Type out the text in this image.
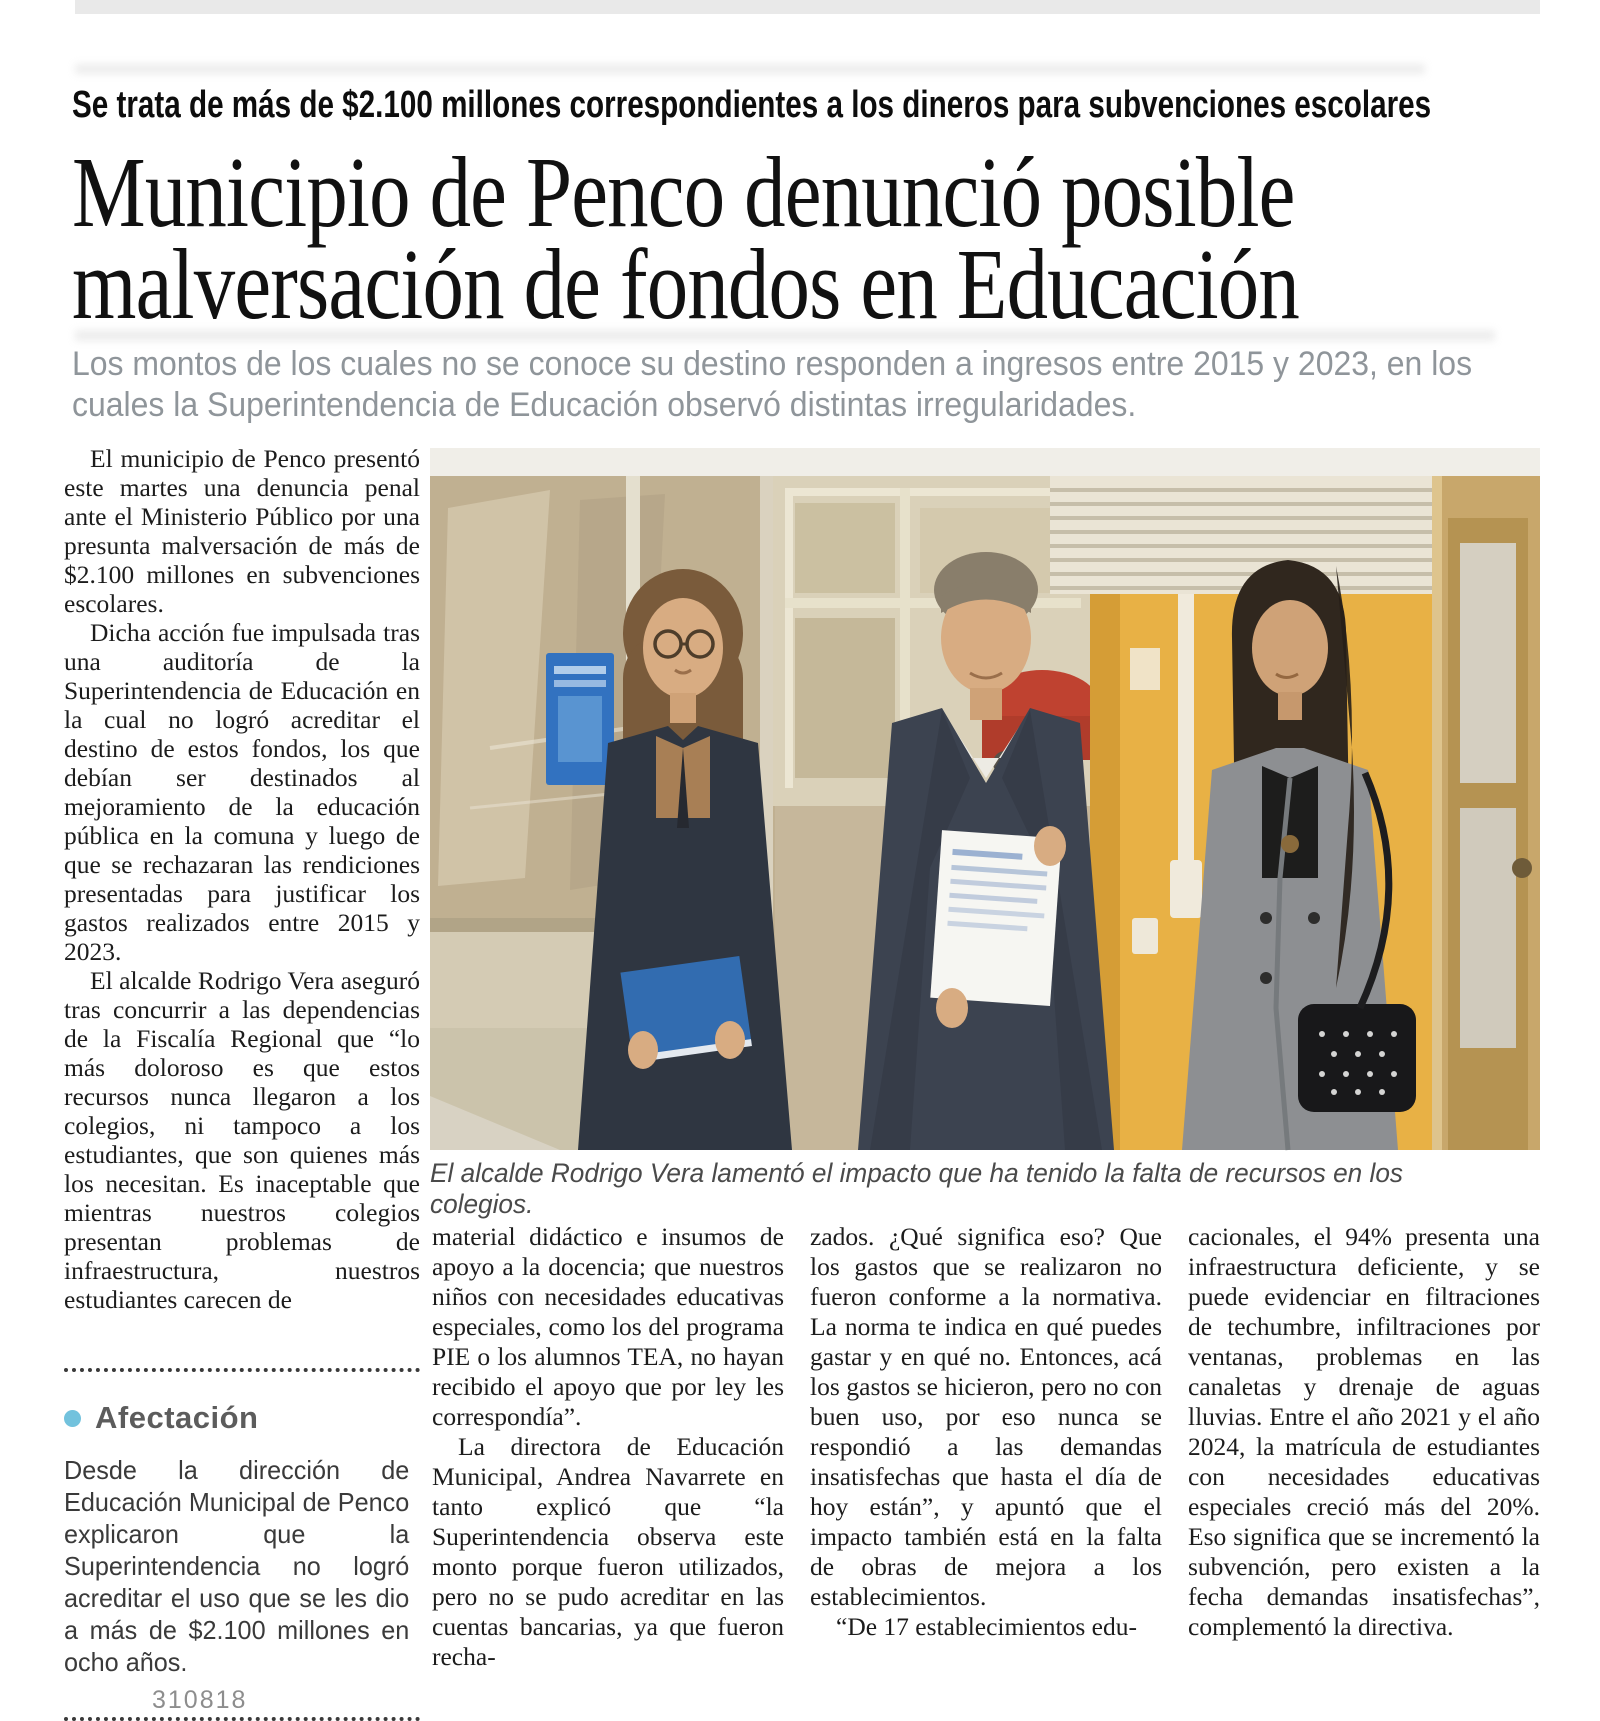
Se trata de más de $2.100 millones correspondientes a los dineros para subvenciones escolares
Municipio de Penco denunció posible
malversación de fondos en Educación
Los montos de los cuales no se conoce su destino responden a ingresos entre 2015 y 2023, en los cuales la Superintendencia de Educación observó distintas irregularidades.

El municipio de Penco presentó este martes una denuncia penal ante el Ministerio Público por una presunta malversación de más de $2.100 millones en subvenciones escolares.

Dicha acción fue impulsada tras una auditoría de la Superintendencia de Educación en la cual no logró acreditar el destino de estos fondos, los que debían ser destinados al mejoramiento de la educación pública en la comuna y luego de que se rechazaran las rendiciones presentadas para justificar los gastos realizados entre 2015 y 2023.

El alcalde Rodrigo Vera aseguró tras concurrir a las dependencias de la Fiscalía Regional que “lo más doloroso es que estos recursos nunca llegaron a los colegios, ni tampoco a los estudiantes, que son quienes más los necesitan. Es inaceptable que mientras nuestros colegios presentan problemas de infraestructura, nuestros estudiantes carecen de

El alcalde Rodrigo Vera lamentó el impacto que ha tenido la falta de recursos en los colegios.

material didáctico e insumos de apoyo a la docencia; que nuestros niños con necesidades educativas especiales, como los del programa PIE o los alumnos TEA, no hayan recibido el apoyo que por ley les correspondía”.

La directora de Educación Municipal, Andrea Navarrete en tanto explicó que “la Superintendencia observa este monto porque fueron utilizados, pero no se pudo acreditar en las cuentas bancarias, ya que fueron recha-

zados. ¿Qué significa eso? Que los gastos que se realizaron no fueron conforme a la normativa. La norma te indica en qué puedes gastar y en qué no. Entonces, acá los gastos se hicieron, pero no con buen uso, por eso nunca se respondió a las demandas insatisfechas que hasta el día de hoy están”, y apuntó que el impacto también está en la falta de obras de mejora a los establecimientos.

“De 17 establecimientos edu-

cacionales, el 94% presenta una infraestructura deficiente, y se puede evidenciar en filtraciones de techumbre, infiltraciones por ventanas, problemas en las canaletas y drenaje de aguas lluvias. Entre el año 2021 y el año 2024, la matrícula de estudiantes con necesidades educativas especiales creció más del 20%. Eso significa que se incrementó la subvención, pero existen a la fecha demandas insatisfechas”, complementó la directiva.

Afectación
Desde la dirección de Educación Municipal de Penco explicaron que la Superintendencia no logró acreditar el uso que se les dio a más de $2.100 millones en ocho años.
310818
